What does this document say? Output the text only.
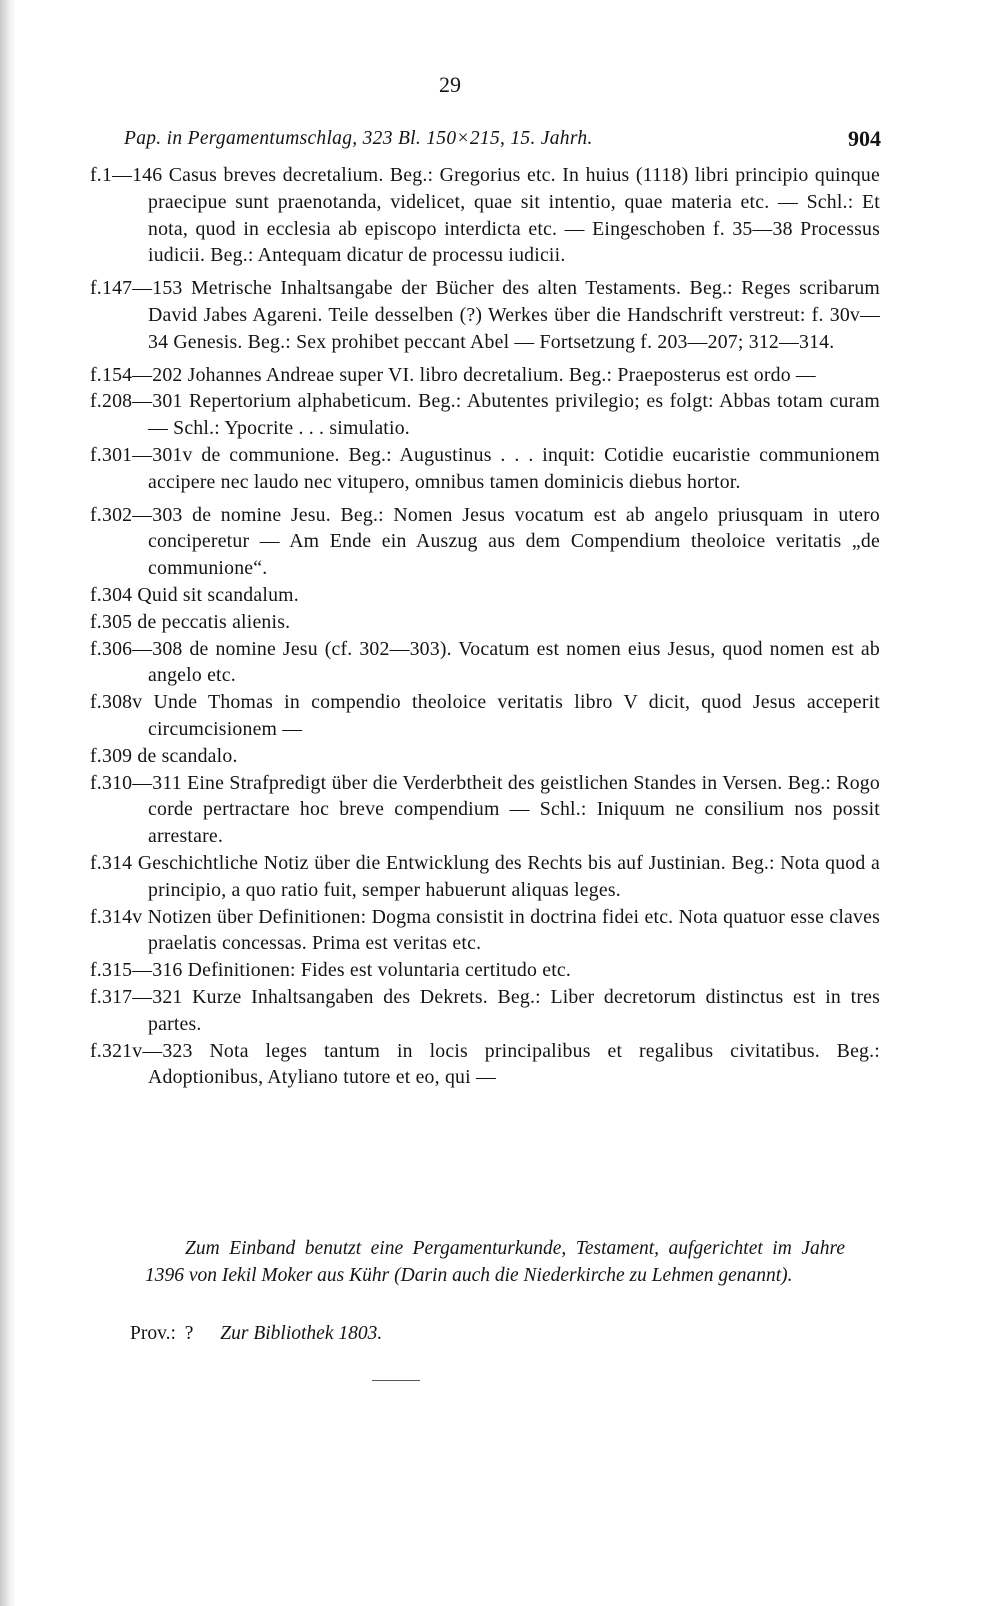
29
Pap. in Pergamentumschlag, 323 Bl. 150×215, 15. Jahrh.	904

f. 1—146 Casus breves decretalium. Beg.: Gregorius etc. In huius (1118) libri principio quinque praecipue sunt praenotanda, videlicet, quae sit intentio, quae materia etc. — Schl.: Et nota, quod in ecclesia ab episcopo interdicta etc. — Eingeschoben f. 35—38 Processus iudicii. Beg.: Antequam dicatur de processu iudicii.

f. 147—153 Metrische Inhaltsangabe der Bücher des alten Testaments. Beg.: Reges scribarum David Jabes Agareni. Teile desselben (?) Werkes über die Handschrift verstreut: f. 30v—34 Genesis. Beg.: Sex prohibet peccant Abel — Fortsetzung f. 203—207; 312—314.

f. 154—202 Johannes Andreae super VI. libro decretalium. Beg.: Praeposterus est ordo —

f. 208—301 Repertorium alphabeticum. Beg.: Abutentes privilegio; es folgt: Abbas totam curam — Schl.: Ypocrite . . . simulatio.

f. 301—301v de communione. Beg.: Augustinus . . . inquit: Cotidie eucaristie communionem accipere nec laudo nec vitupero, omnibus tamen dominicis diebus hortor.

f. 302—303 de nomine Jesu. Beg.: Nomen Jesus vocatum est ab angelo priusquam in utero conciperetur — Am Ende ein Auszug aus dem Compendium theoloice veritatis „de communione“.

f. 304 Quid sit scandalum.

f. 305 de peccatis alienis.

f. 306—308 de nomine Jesu (cf. 302—303). Vocatum est nomen eius Jesus, quod nomen est ab angelo etc.

f. 308v Unde Thomas in compendio theoloice veritatis libro V dicit, quod Jesus acceperit circumcisionem —

f. 309 de scandalo.

f. 310—311 Eine Strafpredigt über die Verderbtheit des geistlichen Standes in Versen. Beg.: Rogo corde pertractare hoc breve compendium — Schl.: Iniquum ne consilium nos possit arrestare.

f. 314 Geschichtliche Notiz über die Entwicklung des Rechts bis auf Justinian. Beg.: Nota quod a principio, a quo ratio fuit, semper habuerunt aliquas leges.

f. 314v Notizen über Definitionen: Dogma consistit in doctrina fidei etc. Nota quatuor esse claves praelatis concessas. Prima est veritas etc.

f. 315—316 Definitionen: Fides est voluntaria certitudo etc.

f. 317—321 Kurze Inhaltsangaben des Dekrets. Beg.: Liber decretorum distinctus est in tres partes.

f. 321v—323 Nota leges tantum in locis principalibus et regalibus civitatibus. Beg.: Adoptionibus, Atyliano tutore et eo, qui —

Zum Einband benutzt eine Pergamenturkunde, Testament, aufgerichtet im Jahre 1396 von Iekil Moker aus Kühr (Darin auch die Niederkirche zu Lehmen genannt).
Prov.: ? Zur Bibliothek 1803.
